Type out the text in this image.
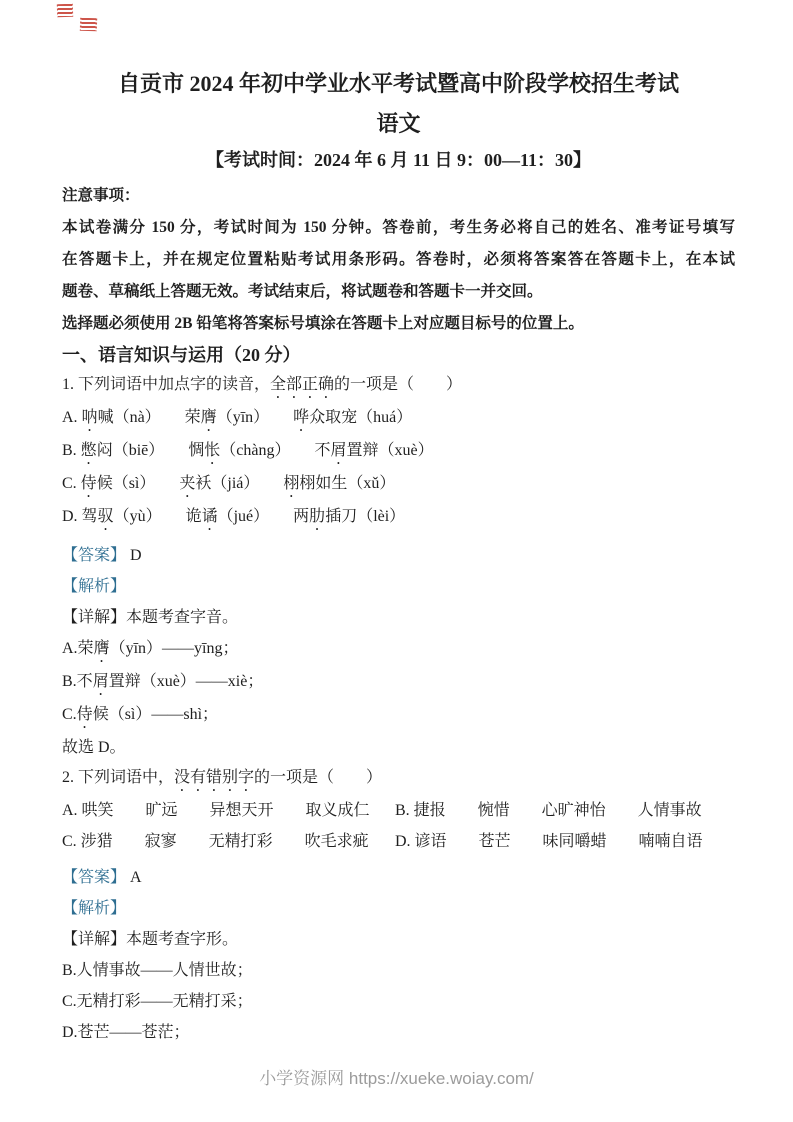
自贡市 2024 年初中学业水平考试暨高中阶段学校招生考试
语文
【考试时间：2024 年 6 月 11 日 9：00—11：30】
注意事项：
本试卷满分 150 分，考试时间为 150 分钟。答卷前，考生务必将自己的姓名、准考证号填写
在答题卡上，并在规定位置粘贴考试用条形码。答卷时，必须将答案答在答题卡上，在本试
题卷、草稿纸上答题无效。考试结束后，将试题卷和答题卡一并交回。
选择题必须使用 2B 铅笔将答案标号填涂在答题卡上对应题目标号的位置上。
一、语言知识与运用（20 分）
1. 下列词语中加点字的读音，全部正确的一项是（　　）
A. 呐喊（nà）　　荣膺（yīn）　　哗众取宠（huá）
B. 憋闷（biē）　　惆怅（chàng）　　不屑置辩（xuè）
C. 侍候（sì）　　夹袄（jiá）　　栩栩如生（xǔ）
D. 驾驭（yù）　　诡谲（jué）　　两肋插刀（lèi）
【答案】 D
【解析】
【详解】本题考查字音。
A.荣膺（yīn）——yīng；
B.不屑置辩（xuè）——xiè；
C.侍候（sì）——shì；
故选 D。
2. 下列词语中，没有错别字的一项是（　　）
A. 哄笑　　旷远　　异想天开　　取义成仁	B. 捷报　　惋惜　　心旷神怡　　人情事故
C. 涉猎　　寂寥　　无精打彩　　吹毛求疵	D. 谚语　　苍芒　　味同嚼蜡　　喃喃自语
【答案】 A
【解析】
【详解】本题考查字形。
B.人情事故——人情世故；
C.无精打彩——无精打采；
D.苍芒——苍茫；
小学资源网 https://xueke.woiay.com/
